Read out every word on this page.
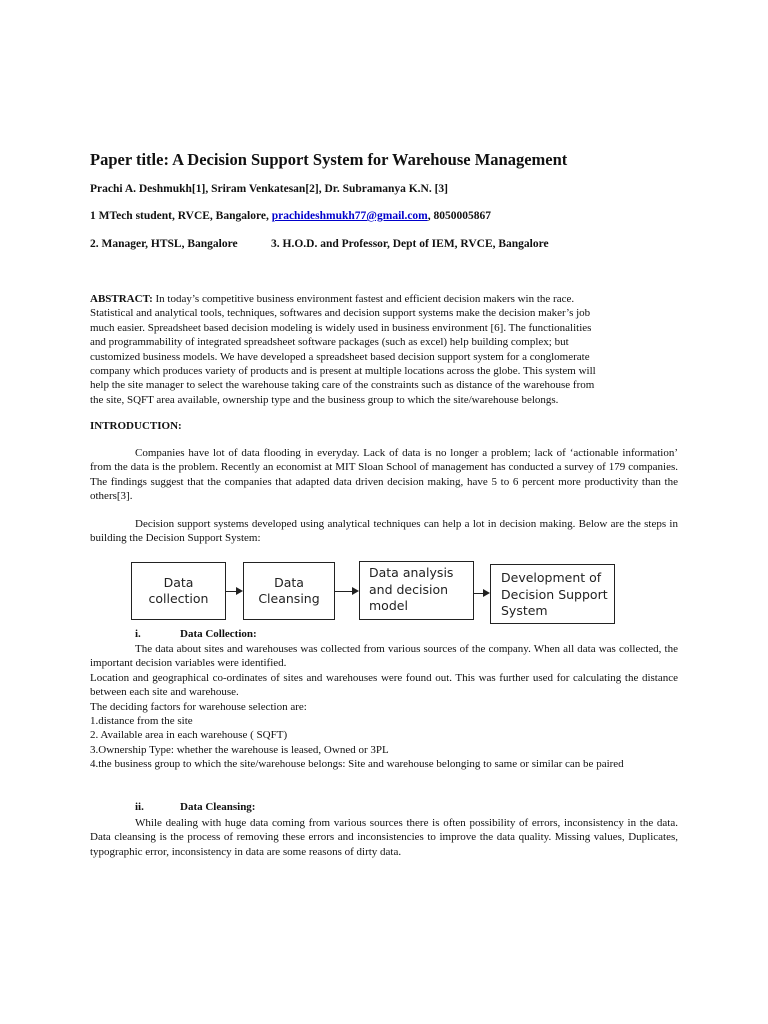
Paper title: A Decision Support System for Warehouse Management
Prachi A. Deshmukh[1], Sriram Venkatesan[2], Dr. Subramanya K.N. [3]
1 MTech student, RVCE, Bangalore, prachideshmukh77@gmail.com, 8050005867
2. Manager, HTSL, Bangalore	3. H.O.D. and Professor, Dept of IEM, RVCE, Bangalore
ABSTRACT: In today’s competitive business environment fastest and efficient decision makers win the race.
Statistical and analytical tools, techniques, softwares and decision support systems make the decision maker’s job
much easier. Spreadsheet based decision modeling is widely used in business environment [6]. The functionalities
and programmability of integrated spreadsheet software packages (such as excel) help building complex; but
customized business models. We have developed a spreadsheet based decision support system for a conglomerate
company which produces variety of products and is present at multiple locations across the globe. This system will
help the site manager to select the warehouse taking care of the constraints such as distance of the warehouse from
the site, SQFT area available, ownership type and the business group to which the site/warehouse belongs.
INTRODUCTION:
Companies have lot of data flooding in everyday. Lack of data is no longer a problem; lack of ‘actionable information’ from the data is the problem. Recently an economist at MIT Sloan School of management has conducted a survey of 179 companies. The findings suggest that the companies that adapted data driven decision making, have 5 to 6 percent more productivity than the others[3].
Decision support systems developed using analytical techniques can help a lot in decision making. Below are the steps in building the Decision Support System:
Data
collection
Data
Cleansing
Data analysis
and decision
model
Development of
Decision Support
System
i.	Data Collection:
The data about sites and warehouses was collected from various sources of the company. When all data was collected, the important decision variables were identified.
Location and geographical co-ordinates of sites and warehouses were found out. This was further used for calculating the distance between each site and warehouse.
The deciding factors for warehouse selection are:
1.distance from the site
2. Available area in each warehouse ( SQFT)
3.Ownership Type: whether the warehouse is leased, Owned or 3PL
4.the business group to which the site/warehouse belongs: Site and warehouse belonging to same or similar can be paired
ii.	Data Cleansing:
While dealing with huge data coming from various sources there is often possibility of errors, inconsistency in the data. Data cleansing is the process of removing these errors and inconsistencies to improve the data quality. Missing values, Duplicates, typographic error, inconsistency in data are some reasons of dirty data.
